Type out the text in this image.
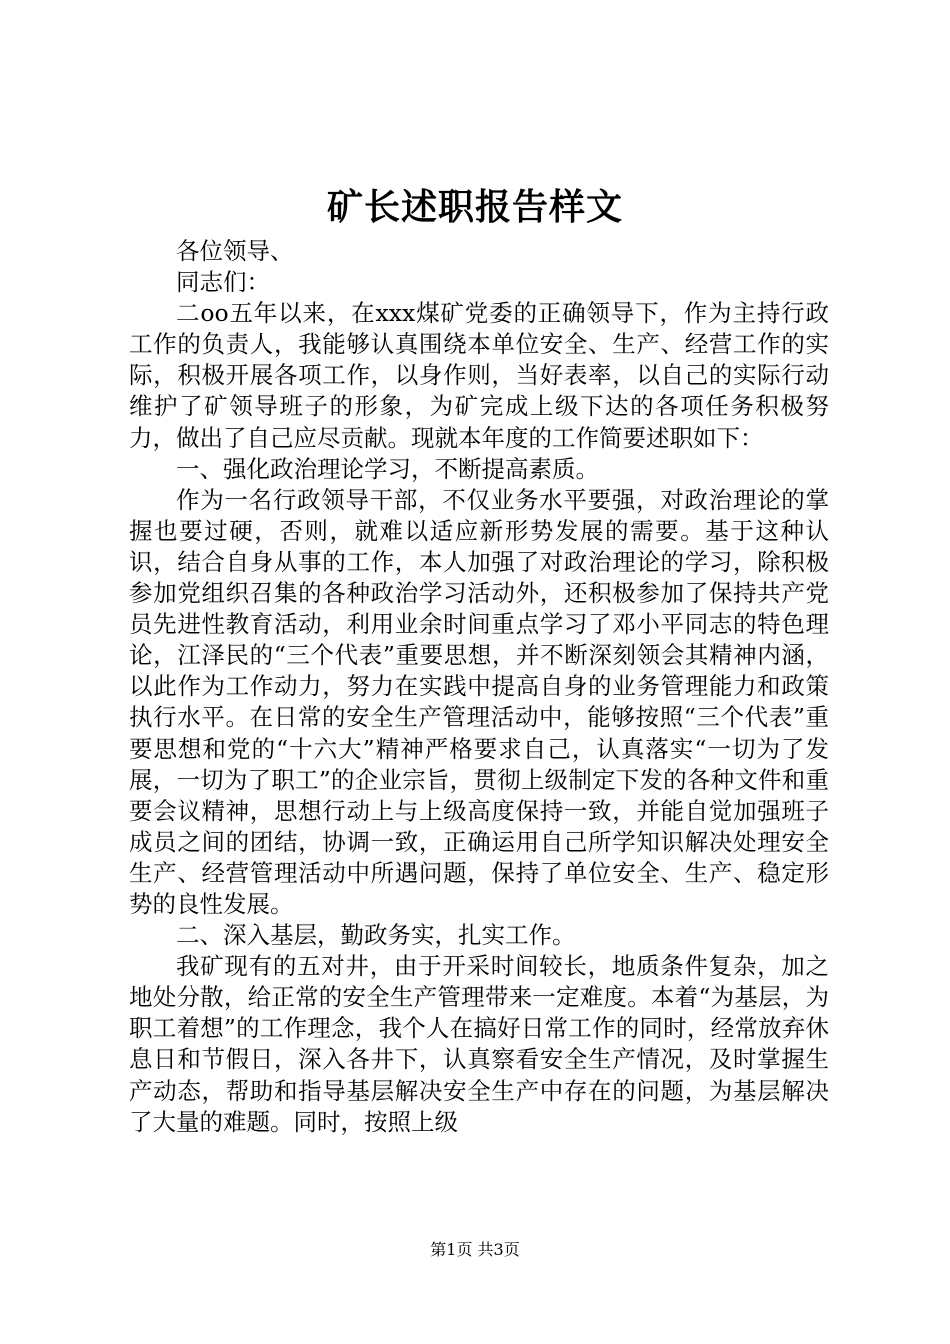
矿长述职报告样文

各位领导、

同志们：

二oo五年以来，在xxx煤矿党委的正确领导下，作为主持行政工作的负责人，我能够认真围绕本单位安全、生产、经营工作的实际，积极开展各项工作，以身作则，当好表率，以自己的实际行动维护了矿领导班子的形象，为矿完成上级下达的各项任务积极努力，做出了自己应尽贡献。现就本年度的工作简要述职如下：

一、强化政治理论学习，不断提高素质。

作为一名行政领导干部，不仅业务水平要强，对政治理论的掌握也要过硬，否则，就难以适应新形势发展的需要。基于这种认识，结合自身从事的工作，本人加强了对政治理论的学习，除积极参加党组织召集的各种政治学习活动外，还积极参加了保持共产党员先进性教育活动，利用业余时间重点学习了邓小平同志的特色理论，江泽民的“三个代表”重要思想，并不断深刻领会其精神内涵，以此作为工作动力，努力在实践中提高自身的业务管理能力和政策执行水平。在日常的安全生产管理活动中，能够按照“三个代表”重要思想和党的“十六大”精神严格要求自己，认真落实“一切为了发展，一切为了职工”的企业宗旨，贯彻上级制定下发的各种文件和重要会议精神，思想行动上与上级高度保持一致，并能自觉加强班子成员之间的团结，协调一致，正确运用自己所学知识解决处理安全生产、经营管理活动中所遇问题，保持了单位安全、生产、稳定形势的良性发展。

二、深入基层，勤政务实，扎实工作。

我矿现有的五对井，由于开采时间较长，地质条件复杂，加之地处分散，给正常的安全生产管理带来一定难度。本着“为基层，为职工着想”的工作理念，我个人在搞好日常工作的同时，经常放弃休息日和节假日，深入各井下，认真察看安全生产情况，及时掌握生产动态，帮助和指导基层解决安全生产中存在的问题，为基层解决了大量的难题。同时，按照上级

第1页 共3页
